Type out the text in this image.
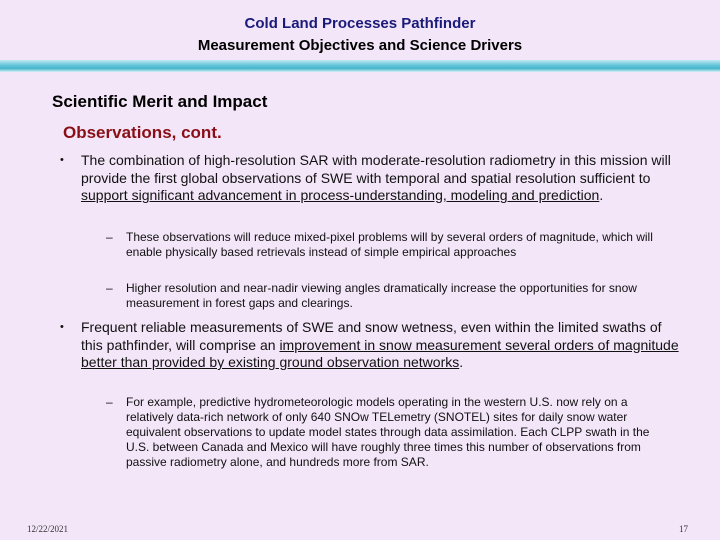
Cold Land Processes Pathfinder
Measurement Objectives and Science Drivers
Scientific Merit and Impact
Observations, cont.
• The combination of high-resolution SAR with moderate-resolution radiometry in this mission will provide the first global observations of SWE with temporal and spatial resolution sufficient to support significant advancement in process-understanding, modeling and prediction.
– These observations will reduce mixed-pixel problems will by several orders of magnitude, which will enable physically based retrievals instead of simple empirical approaches
– Higher resolution and near-nadir viewing angles dramatically increase the opportunities for snow measurement in forest gaps and clearings.
• Frequent reliable measurements of SWE and snow wetness, even within the limited swaths of this pathfinder, will comprise an improvement in snow measurement several orders of magnitude better than provided by existing ground observation networks.
– For example, predictive hydrometeorologic models operating in the western U.S. now rely on a relatively data-rich network of only 640 SNOw TELemetry (SNOTEL) sites for daily snow water equivalent observations to update model states through data assimilation. Each CLPP swath in the U.S. between Canada and Mexico will have roughly three times this number of observations from passive radiometry alone, and hundreds more from SAR.
12/22/2021	17
